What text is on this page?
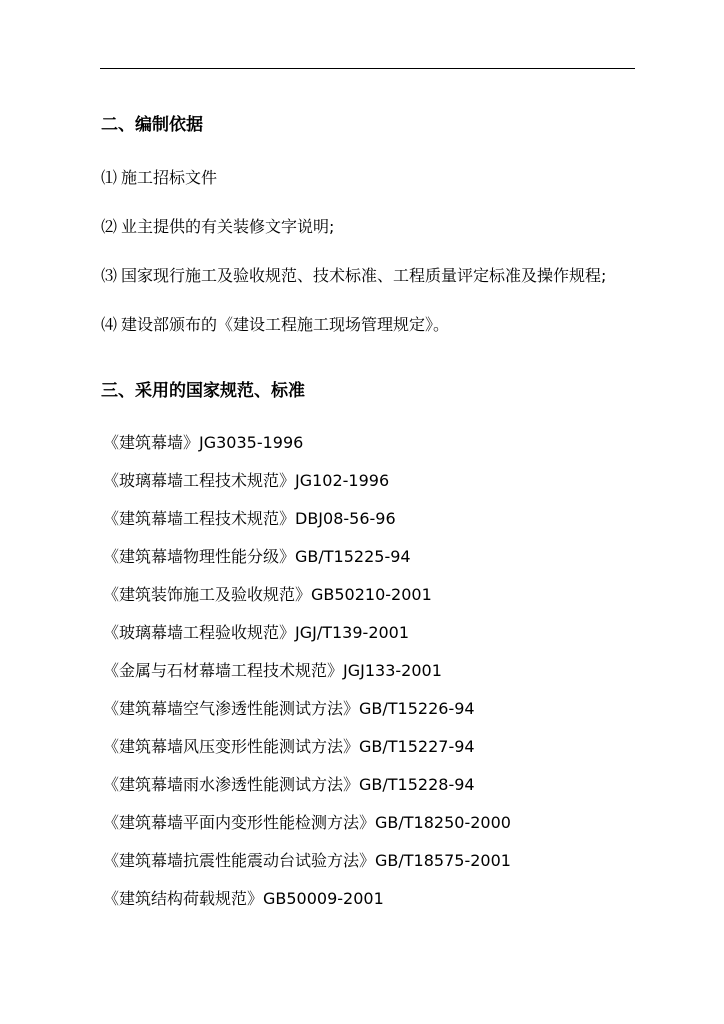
二、编制依据
⑴ 施工招标文件
⑵ 业主提供的有关装修文字说明;
⑶ 国家现行施工及验收规范、技术标准、工程质量评定标准及操作规程;
⑷ 建设部颁布的《建设工程施工现场管理规定》。
三、采用的国家规范、标准
《建筑幕墙》JG3035-1996
《玻璃幕墙工程技术规范》JG102-1996
《建筑幕墙工程技术规范》DBJ08-56-96
《建筑幕墙物理性能分级》GB/T15225-94
《建筑装饰施工及验收规范》GB50210-2001
《玻璃幕墙工程验收规范》JGJ/T139-2001
《金属与石材幕墙工程技术规范》JGJ133-2001
《建筑幕墙空气渗透性能测试方法》GB/T15226-94
《建筑幕墙风压变形性能测试方法》GB/T15227-94
《建筑幕墙雨水渗透性能测试方法》GB/T15228-94
《建筑幕墙平面内变形性能检测方法》GB/T18250-2000
《建筑幕墙抗震性能震动台试验方法》GB/T18575-2001
《建筑结构荷载规范》GB50009-2001
